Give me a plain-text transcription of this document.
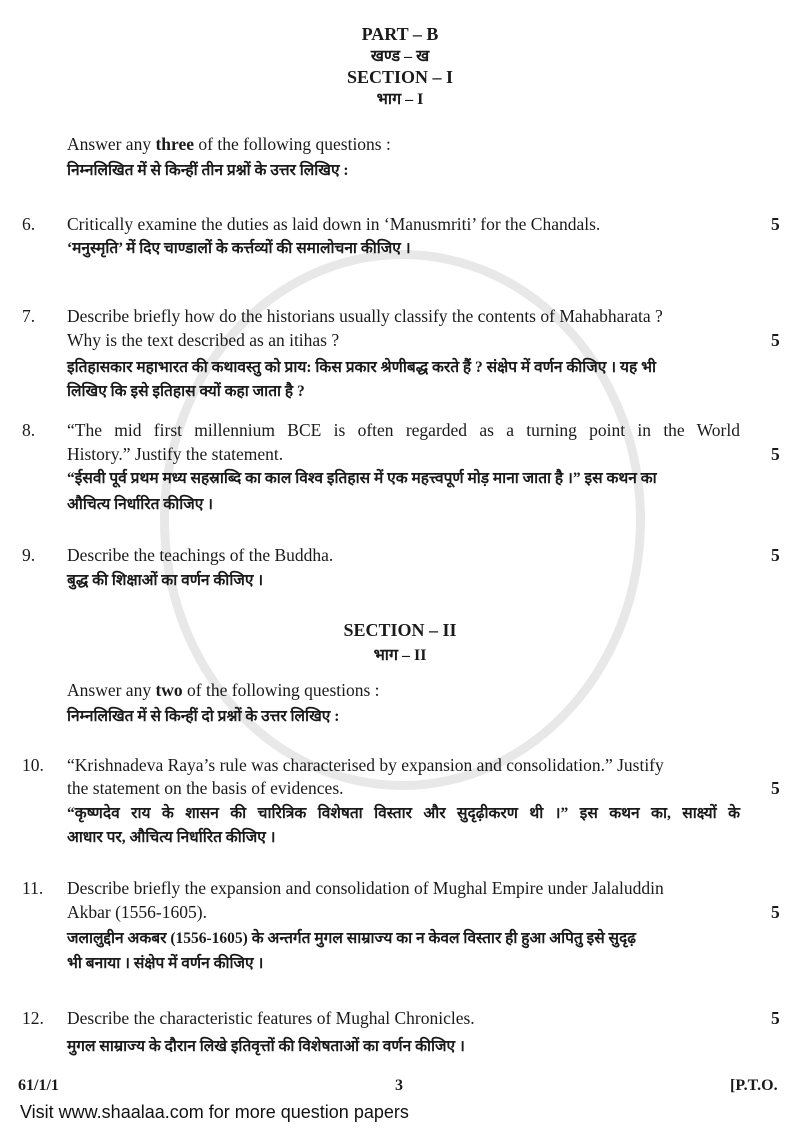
PART – B
खण्ड – ख
SECTION – I
भाग – I
Answer any three of the following questions :
निम्नलिखित में से किन्हीं तीन प्रश्नों के उत्तर लिखिए :
6. Critically examine the duties as laid down in ‘Manusmriti’ for the Chandals.	5
‘मनुस्मृति’ में दिए चाण्डालों के कर्त्तव्यों की समालोचना कीजिए ।
7. Describe briefly how do the historians usually classify the contents of Mahabharata ?
Why is the text described as an itihas ?	5
इतिहासकार महाभारत की कथावस्तु को प्राय: किस प्रकार श्रेणीबद्ध करते हैं ? संक्षेप में वर्णन कीजिए । यह भी
लिखिए कि इसे इतिहास क्यों कहा जाता है ?
8. “The mid first millennium BCE is often regarded as a turning point in the World
History.” Justify the statement.	5
“ईसवी पूर्व प्रथम मध्य सहस्राब्दि का काल विश्व इतिहास में एक महत्त्वपूर्ण मोड़ माना जाता है ।” इस कथन का
औचित्य निर्धारित कीजिए ।
9. Describe the teachings of the Buddha.	5
बुद्ध की शिक्षाओं का वर्णन कीजिए ।
SECTION – II
भाग – II
Answer any two of the following questions :
निम्नलिखित में से किन्हीं दो प्रश्नों के उत्तर लिखिए :
10. “Krishnadeva Raya’s rule was characterised by expansion and consolidation.” Justify
the statement on the basis of evidences.	5
“कृष्णदेव राय के शासन की चारित्रिक विशेषता विस्तार और सुदृढ़ीकरण थी ।” इस कथन का, साक्ष्यों के
आधार पर, औचित्य निर्धारित कीजिए ।
11. Describe briefly the expansion and consolidation of Mughal Empire under Jalaluddin
Akbar (1556-1605).	5
जलालुद्दीन अकबर (1556-1605) के अन्तर्गत मुगल साम्राज्य का न केवल विस्तार ही हुआ अपितु इसे सुदृढ़
भी बनाया । संक्षेप में वर्णन कीजिए ।
12. Describe the characteristic features of Mughal Chronicles.	5
मुगल साम्राज्य के दौरान लिखे इतिवृत्तों की विशेषताओं का वर्णन कीजिए ।
61/1/1	3	[P.T.O.
Visit www.shaalaa.com for more question papers
